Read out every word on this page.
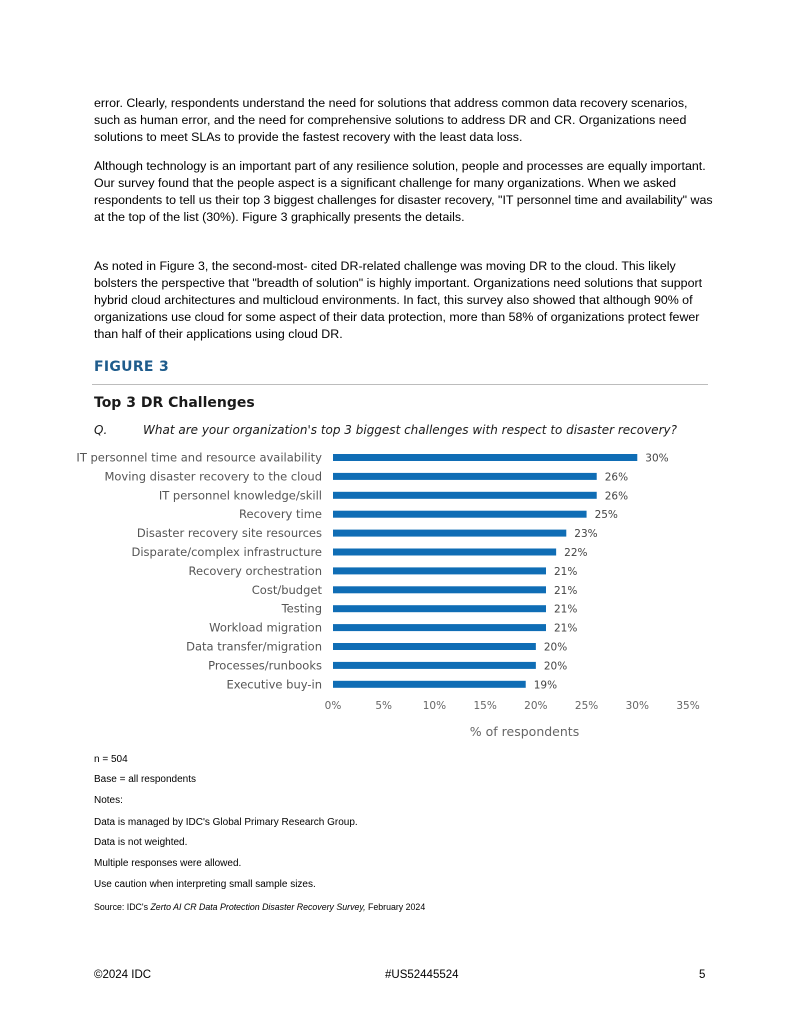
error. Clearly, respondents understand the need for solutions that address common data recovery scenarios, such as human error, and the need for comprehensive solutions to address DR and CR. Organizations need solutions to meet SLAs to provide the fastest recovery with the least data loss.

Although technology is an important part of any resilience solution, people and processes are equally important. Our survey found that the people aspect is a significant challenge for many organizations. When we asked respondents to tell us their top 3 biggest challenges for disaster recovery, "IT personnel time and availability" was at the top of the list (30%). Figure 3 graphically presents the details.

As noted in Figure 3, the second-most- cited DR-related challenge was moving DR to the cloud. This likely bolsters the perspective that "breadth of solution" is highly important. Organizations need solutions that support hybrid cloud architectures and multicloud environments. In fact, this survey also showed that although 90% of organizations use cloud for some aspect of their data protection, more than 58% of organizations protect fewer than half of their applications using cloud DR.

FIGURE 3
Top 3 DR Challenges
Q.	What are your organization's top 3 biggest challenges with respect to disaster recovery?
IT personnel time and resource availability	30%
Moving disaster recovery to the cloud	26%
IT personnel knowledge/skill	26%
Recovery time	25%
Disaster recovery site resources	23%
Disparate/complex infrastructure	22%
Recovery orchestration	21%
Cost/budget	21%
Testing	21%
Workload migration	21%
Data transfer/migration	20%
Processes/runbooks	20%
Executive buy-in	19%
0%	5%	10%	15%	20%	25%	30%	35%
% of respondents
n = 504
Base = all respondents
Notes:
Data is managed by IDC's Global Primary Research Group.
Data is not weighted.
Multiple responses were allowed.
Use caution when interpreting small sample sizes.
Source: IDC's Zerto AI CR Data Protection Disaster Recovery Survey, February 2024
©2024 IDC	#US52445524	5
